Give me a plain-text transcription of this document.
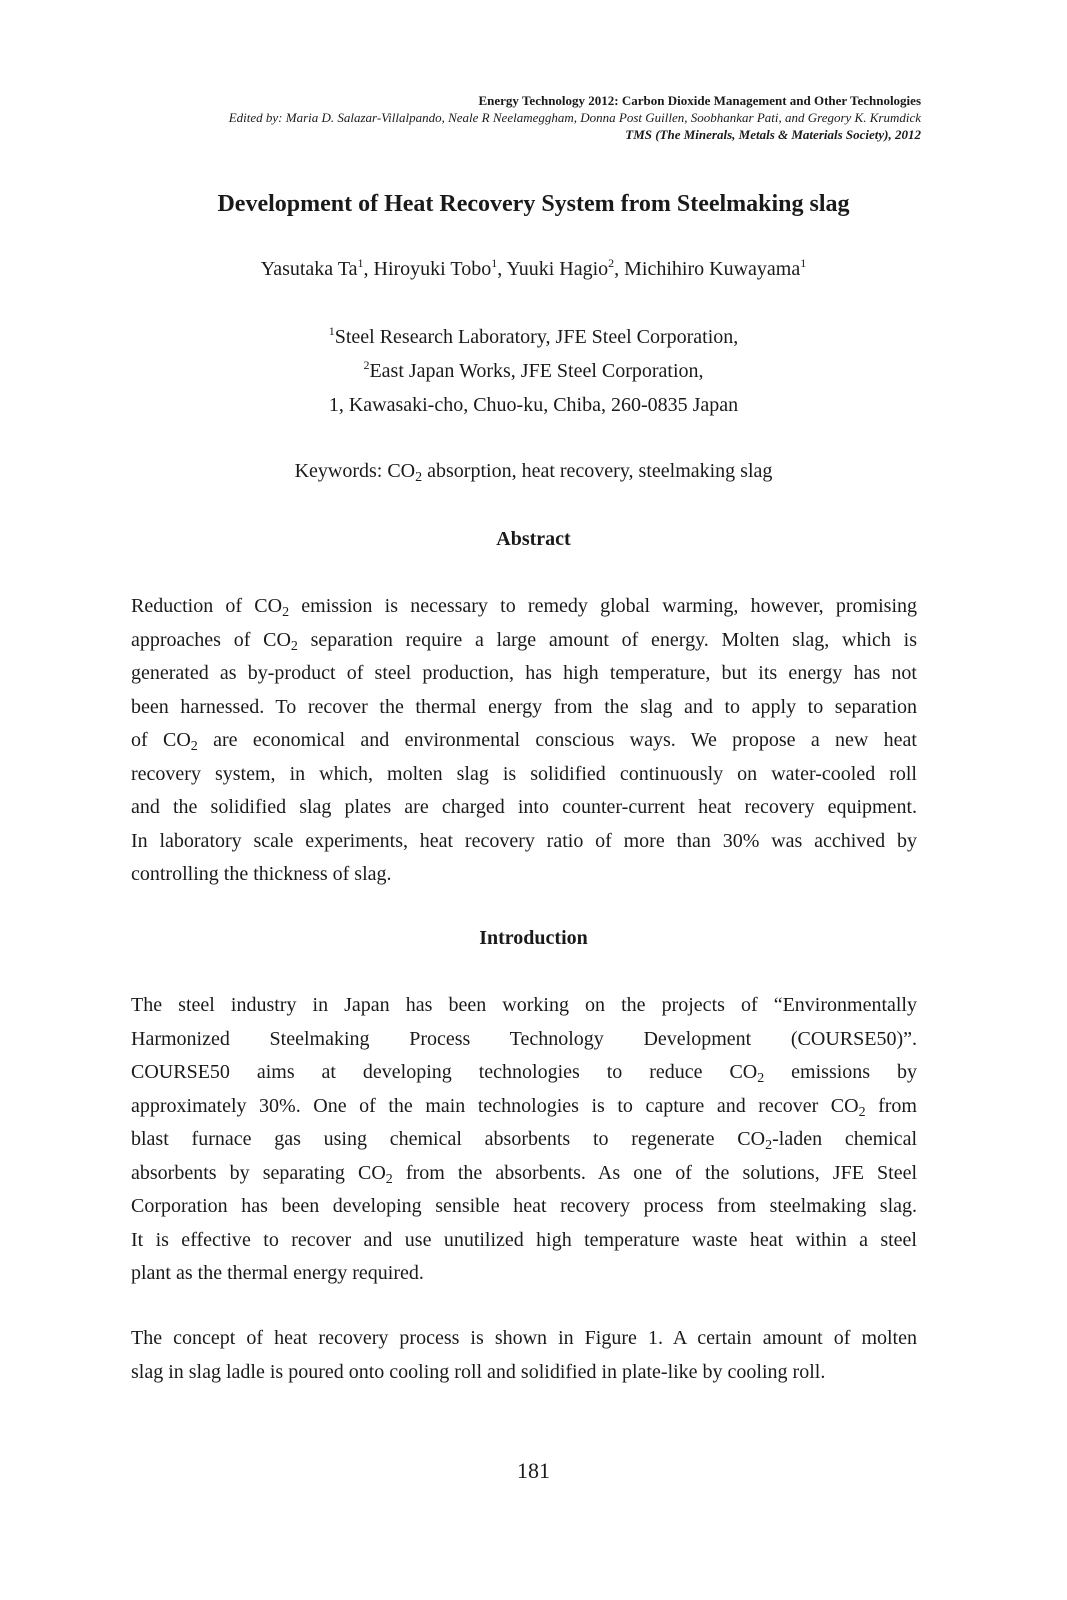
Energy Technology 2012: Carbon Dioxide Management and Other Technologies
Edited by: Maria D. Salazar-Villalpando, Neale R Neelameggham, Donna Post Guillen, Soobhankar Pati, and Gregory K. Krumdick
TMS (The Minerals, Metals & Materials Society), 2012
Development of Heat Recovery System from Steelmaking slag
Yasutaka Ta$^1$, Hiroyuki Tobo$^1$, Yuuki Hagio$^2$, Michihiro Kuwayama$^1$
$^1$Steel Research Laboratory, JFE Steel Corporation,
$^2$East Japan Works, JFE Steel Corporation,
1, Kawasaki-cho, Chuo-ku, Chiba, 260-0835 Japan
Keywords: $CO_2$ absorption, heat recovery, steelmaking slag
Abstract
Reduction of $CO_2$ emission is necessary to remedy global warming, however, promising
approaches of $CO_2$ separation require a large amount of energy. Molten slag, which is
generated as by-product of steel production, has high temperature, but its energy has not
been harnessed. To recover the thermal energy from the slag and to apply to separation
of $CO_2$ are economical and environmental conscious ways. We propose a new heat
recovery system, in which, molten slag is solidified continuously on water-cooled roll
and the solidified slag plates are charged into counter-current heat recovery equipment.
In laboratory scale experiments, heat recovery ratio of more than 30% was acchived by
controlling the thickness of slag.
Introduction
The steel industry in Japan has been working on the projects of “Environmentally
Harmonized Steelmaking Process Technology Development (COURSE50)”.
COURSE50 aims at developing technologies to reduce $CO_2$ emissions by
approximately 30%. One of the main technologies is to capture and recover $CO_2$ from
blast furnace gas using chemical absorbents to regenerate $CO_2$-laden chemical
absorbents by separating $CO_2$ from the absorbents. As one of the solutions, JFE Steel
Corporation has been developing sensible heat recovery process from steelmaking slag.
It is effective to recover and use unutilized high temperature waste heat within a steel
plant as the thermal energy required.
The concept of heat recovery process is shown in Figure 1. A certain amount of molten
slag in slag ladle is poured onto cooling roll and solidified in plate-like by cooling roll.
181
